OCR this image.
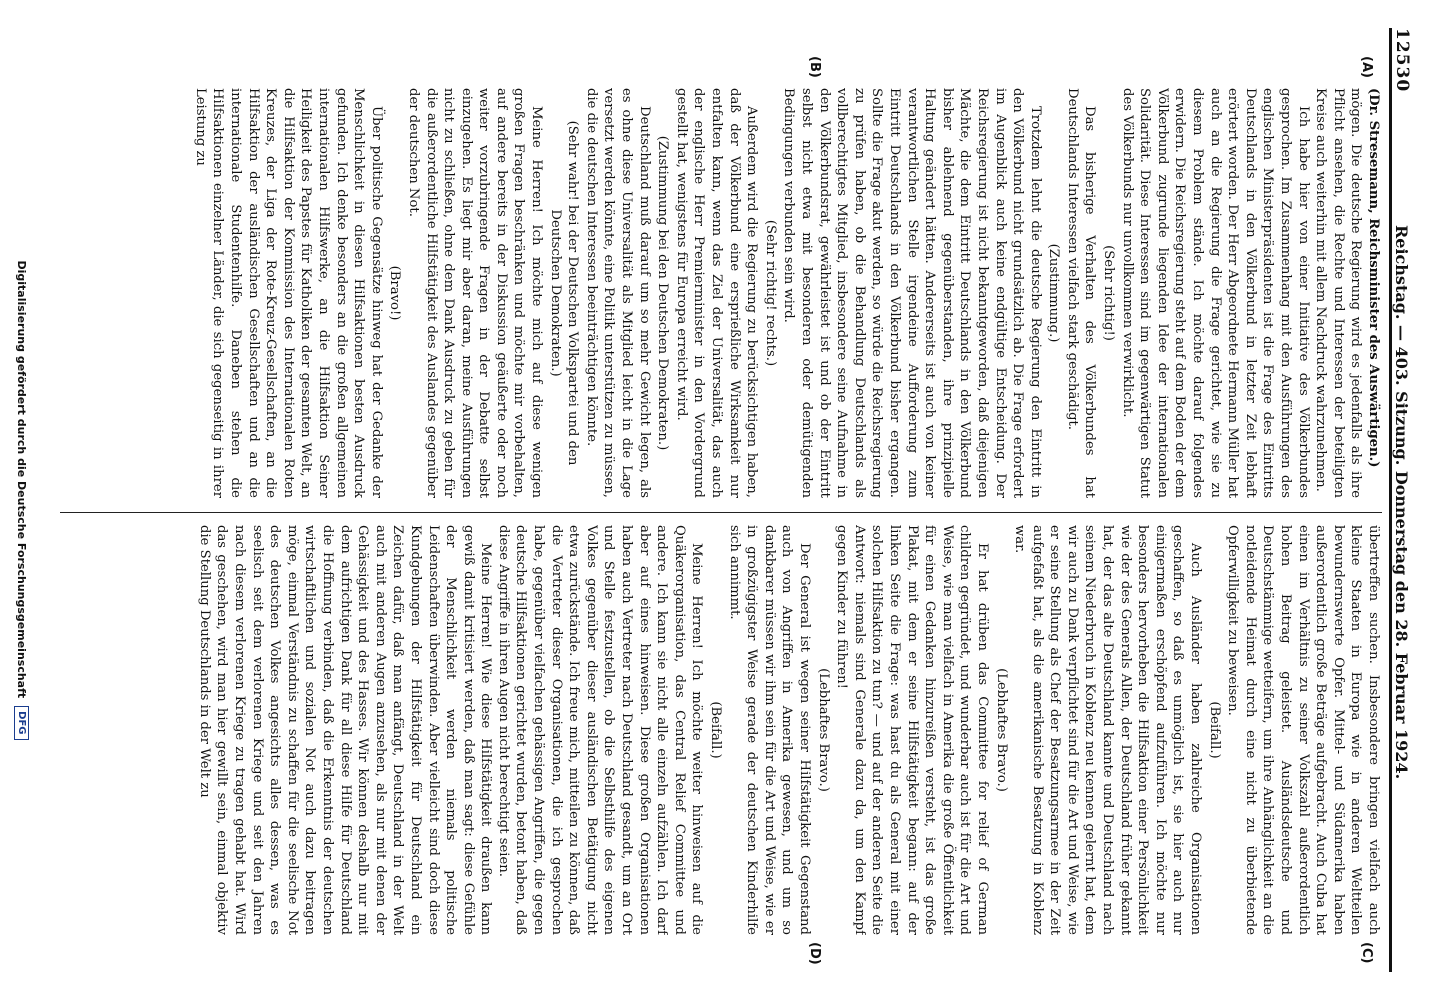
12530
Reichstag. — 403. Sitzung. Donnerstag den 28. Februar 1924.
(A)
(B)
(C)
(D)

(Dr. Stresemann, Reichsminister des Auswärtigen.)

mögen. Die deutsche Regierung wird es jedenfalls als ihre Pflicht ansehen, die Rechte und Interessen der beteiligten Kreise auch weiterhin mit allem Nachdruck wahrzunehmen.

Ich habe hier von einer Initiative des Völkerbundes gesprochen. Im Zusammenhang mit den Ausführungen des englischen Ministerpräsidenten ist die Frage des Eintritts Deutschlands in den Völkerbund in letzter Zeit lebhaft erörtert worden. Der Herr Abgeordnete Hermann Müller hat auch an die Regierung die Frage gerichtet, wie sie zu diesem Problem stände. Ich möchte darauf folgendes erwidern. Die Reichsregierung steht auf dem Boden der dem Völkerbund zugrunde liegenden Idee der internationalen Solidarität. Diese Interessen sind im gegenwärtigen Statut des Völkerbunds nur unvollkommen verwirklicht.

(Sehr richtig!)

Das bisherige Verhalten des Völkerbundes hat Deutschlands Interessen vielfach stark geschädigt.

(Zustimmung.)

Trotzdem lehnt die deutsche Regierung den Eintritt in den Völkerbund nicht grundsätzlich ab. Die Frage erfordert im Augenblick auch keine endgültige Entscheidung. Der Reichsregierung ist nicht bekanntgeworden, daß diejenigen Mächte, die dem Eintritt Deutschlands in den Völkerbund bisher ablehnend gegenüberstanden, ihre prinzipielle Haltung geändert hätten. Andererseits ist auch von keiner verantwortlichen Stelle irgendeine Aufforderung zum Eintritt Deutschlands in den Völkerbund bisher ergangen. Sollte die Frage akut werden, so würde die Reichsregierung zu prüfen haben, ob die Behandlung Deutschlands als vollberechtigtes Mitglied, insbesondere seine Aufnahme in den Völkerbundsrat, gewährleistet ist und ob der Eintritt selbst nicht etwa mit besonderen oder demütigenden Bedingungen verbunden sein wird.

(Sehr richtig! rechts.)

Außerdem wird die Regierung zu berücksichtigen haben, daß der Völkerbund eine ersprießliche Wirksamkeit nur entfalten kann, wenn das Ziel der Universalität, das auch der englische Herr Premierminister in den Vordergrund gestellt hat, wenigstens für Europa erreicht wird.

(Zustimmung bei den Deutschen Demokraten.)

Deutschland muß darauf um so mehr Gewicht legen, als es ohne diese Universalität als Mitglied leicht in die Lage versetzt werden könnte, eine Politik unterstützen zu müssen, die die deutschen Interessen beeinträchtigen könnte.

(Sehr wahr! bei der Deutschen Volkspartei und den Deutschen Demokraten.)

Meine Herren! Ich möchte mich auf diese wenigen großen Fragen beschränken und möchte mir vorbehalten, auf andere bereits in der Diskussion geäußerte oder noch weiter vorzubringende Fragen in der Debatte selbst einzugehen. Es liegt mir aber daran, meine Ausführungen nicht zu schließen, ohne dem Dank Ausdruck zu geben für die außerordentliche Hilfstätigkeit des Auslandes gegenüber der deutschen Not.

(Bravo!)

Über politische Gegensätze hinweg hat der Gedanke der Menschlichkeit in diesen Hilfsaktionen besten Ausdruck gefunden. Ich denke besonders an die großen allgemeinen internationalen Hilfswerke, an die Hilfsaktion Seiner Heiligkeit des Papstes für Katholiken der gesamten Welt, an die Hilfsaktion der Kommission des Internationalen Roten Kreuzes, der Liga der Rote-Kreuz-Gesellschaften, an die Hilfsaktion der ausländischen Gesellschaften und an die internationale Studentenhilfe. Daneben stehen die Hilfsaktionen einzelner Länder, die sich gegenseitig in ihrer Leistung zu

übertreffen suchen. Insbesondere bringen vielfach auch kleine Staaten in Europa wie in anderen Weltteilen bewundernswerte Opfer. Mittel- und Südamerika haben außerordentlich große Beträge aufgebracht. Auch Cuba hat einen im Verhältnis zu seiner Volkszahl außerordentlich hohen Beitrag geleistet. Ausländsdeutsche und Deutschstämmige wetteifern, um ihre Anhänglichkeit an die notleidende Heimat durch eine nicht zu überbietende Opferwilligkeit zu beweisen.

(Beifall.)

Auch Ausländer haben zahlreiche Organisationen geschaffen, so daß es unmöglich ist, sie hier auch nur einigermaßen erschöpfend aufzuführen. Ich möchte nur besonders hervorheben die Hilfsaktion einer Persönlichkeit wie der des Generals Allen, der Deutschland früher gekannt hat, der das alte Deutschland kannte und Deutschland nach seinem Niederbruch in Koblenz neu kennen gelernt hat, dem wir auch zu Dank verpflichtet sind für die Art und Weise, wie er seine Stellung als Chef der Besatzungsarmee in der Zeit aufgefaßt hat, als die amerikanische Besatzung in Koblenz war.

(Lebhaftes Bravo.)

Er hat drüben das Committee for relief of German children gegründet, und wunderbar auch ist für die Art und Weise, wie man vielfach in Amerika die große Öffentlichkeit für einen Gedanken hinzureißen versteht, ist das große Plakat, mit dem er seine Hilfstätigkeit begann: auf der linken Seite die Frage: was hast du als General mit einer solchen Hilfsaktion zu tun? — und auf der anderen Seite die Antwort: niemals sind Generale dazu da, um den Kampf gegen Kinder zu führen!

(Lebhaftes Bravo.)

Der General ist wegen seiner Hilfstätigkeit Gegenstand auch von Angriffen in Amerika gewesen, und um so dankbarer müssen wir ihm sein für die Art und Weise, wie er in großzügigster Weise gerade der deutschen Kinderhilfe sich annimmt.

(Beifall.)

Meine Herren! Ich möchte weiter hinweisen auf die Quäkerorganisation, das Central Relief Committee und andere. Ich kann sie nicht alle einzeln aufzählen. Ich darf aber auf eines hinweisen. Diese großen Organisationen haben auch Vertreter nach Deutschland gesandt, um an Ort und Stelle festzustellen, ob die Selbsthilfe des eigenen Volkes gegenüber dieser ausländischen Betätigung nicht etwa zurückstände. Ich freue mich, mitteilen zu können, daß die Vertreter dieser Organisationen, die ich gesprochen habe, gegenüber vielfachen gehässigen Angriffen, die gegen deutsche Hilfsaktionen gerichtet wurden, betont haben, daß diese Angriffe in ihren Augen nicht berechtigt seien.

Meine Herren! Wie diese Hilfstätigkeit draußen kann gewiß damit kritisiert werden, daß man sagt: diese Gefühle der Menschlichkeit werden niemals politische Leidenschaften überwinden. Aber vielleicht sind doch diese Kundgebungen der Hilfstätigkeit für Deutschland ein Zeichen dafür, daß man anfängt, Deutschland in der Welt auch mit anderen Augen anzusehen, als nur mit denen der Gehässigkeit und des Hasses. Wir können deshalb nur mit dem aufrichtigen Dank für all diese Hilfe für Deutschland die Hoffnung verbinden, daß die Erkenntnis der deutschen wirtschaftlichen und sozialen Not auch dazu beitragen möge, einmal Verständnis zu schaffen für die seelische Not des deutschen Volkes angesichts alles dessen, was es seelisch seit dem verlorenen Kriege und seit den Jahren nach diesem verlorenen Kriege zu tragen gehabt hat. Wird das geschehen, wird man hier gewillt sein, einmal objektiv die Stellung Deutschlands in der Welt zu

Digitalisierung gefördert durch die Deutsche Forschungsgemeinschaft
DFG
